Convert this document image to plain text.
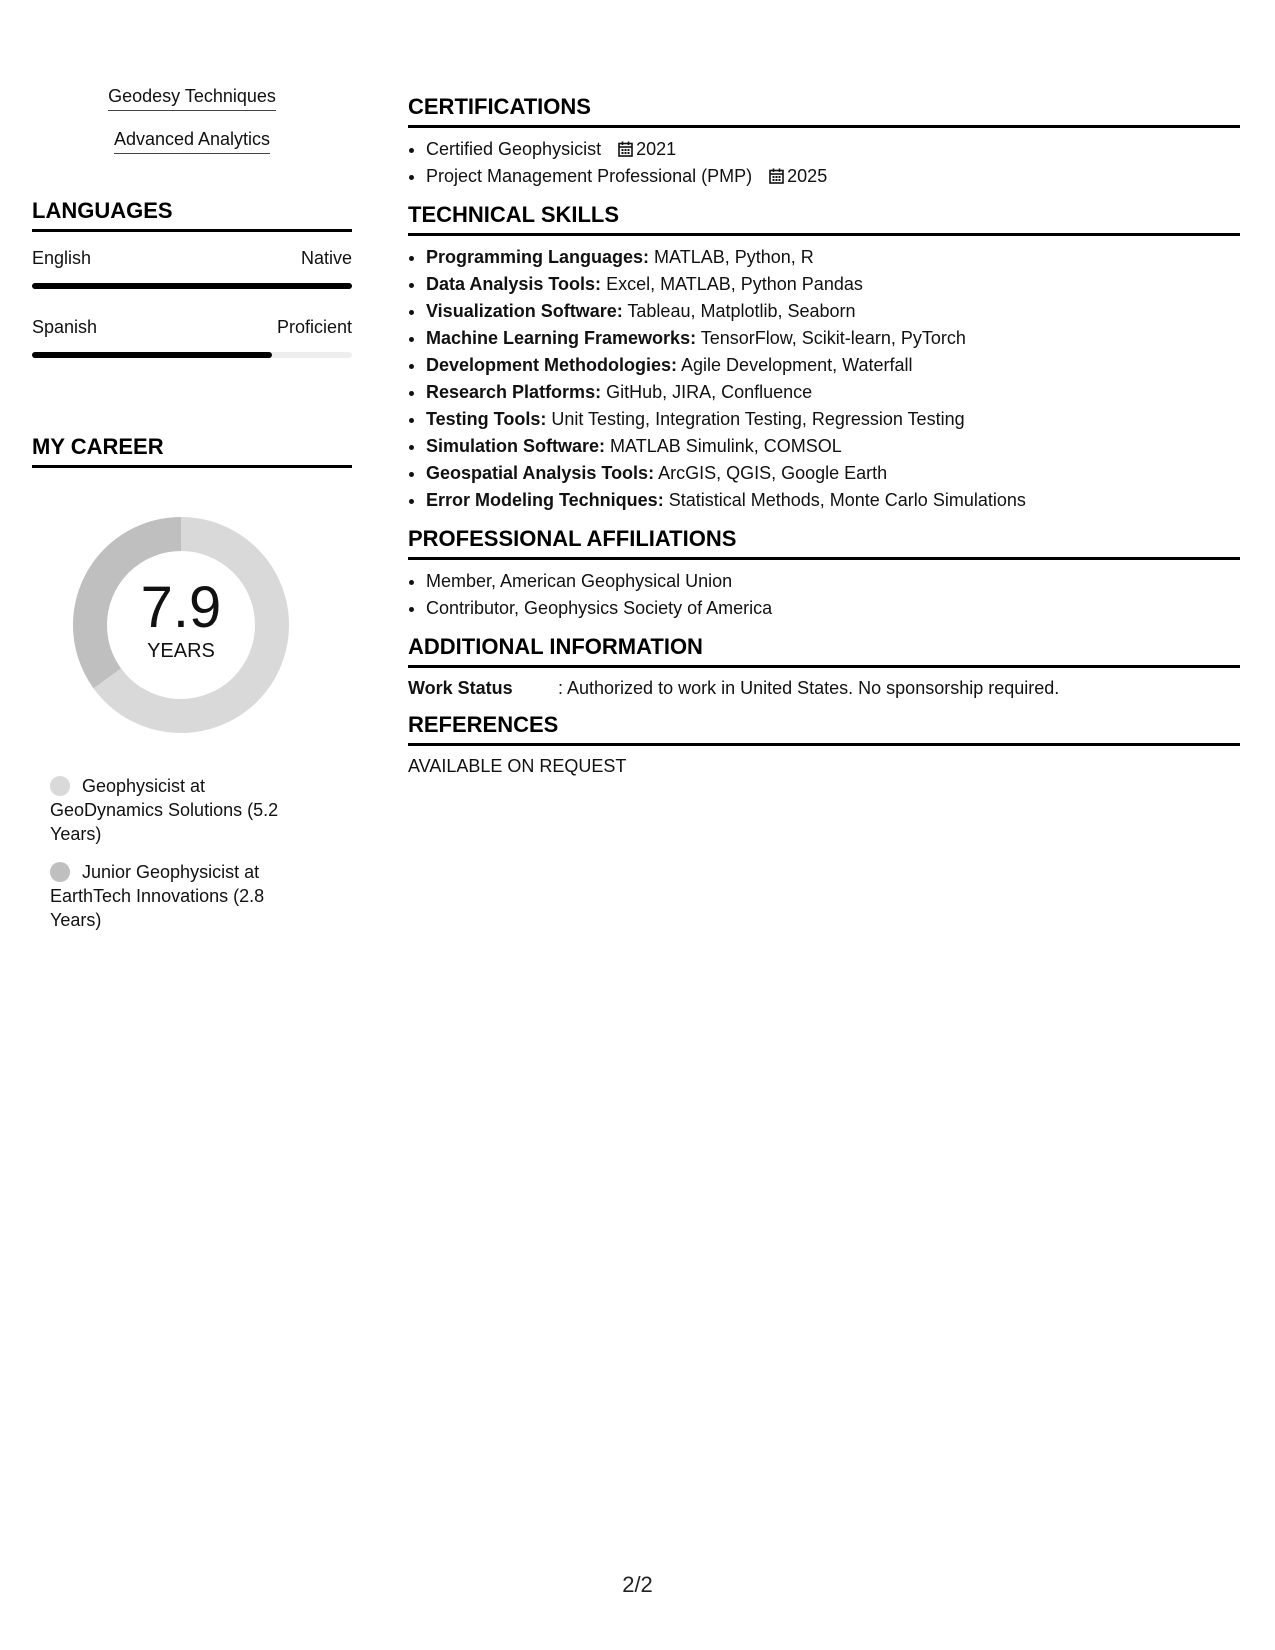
Geodesy Techniques
Advanced Analytics
LANGUAGES
English	Native
Spanish	Proficient
MY CAREER
7.9
YEARS
Geophysicist at GeoDynamics Solutions (5.2 Years)
Junior Geophysicist at EarthTech Innovations (2.8 Years)
CERTIFICATIONS
• Certified Geophysicist 2021
• Project Management Professional (PMP) 2025
TECHNICAL SKILLS
• Programming Languages: MATLAB, Python, R
• Data Analysis Tools: Excel, MATLAB, Python Pandas
• Visualization Software: Tableau, Matplotlib, Seaborn
• Machine Learning Frameworks: TensorFlow, Scikit-learn, PyTorch
• Development Methodologies: Agile Development, Waterfall
• Research Platforms: GitHub, JIRA, Confluence
• Testing Tools: Unit Testing, Integration Testing, Regression Testing
• Simulation Software: MATLAB Simulink, COMSOL
• Geospatial Analysis Tools: ArcGIS, QGIS, Google Earth
• Error Modeling Techniques: Statistical Methods, Monte Carlo Simulations
PROFESSIONAL AFFILIATIONS
• Member, American Geophysical Union
• Contributor, Geophysics Society of America
ADDITIONAL INFORMATION
Work Status	: Authorized to work in United States. No sponsorship required.
REFERENCES
AVAILABLE ON REQUEST
2/2
